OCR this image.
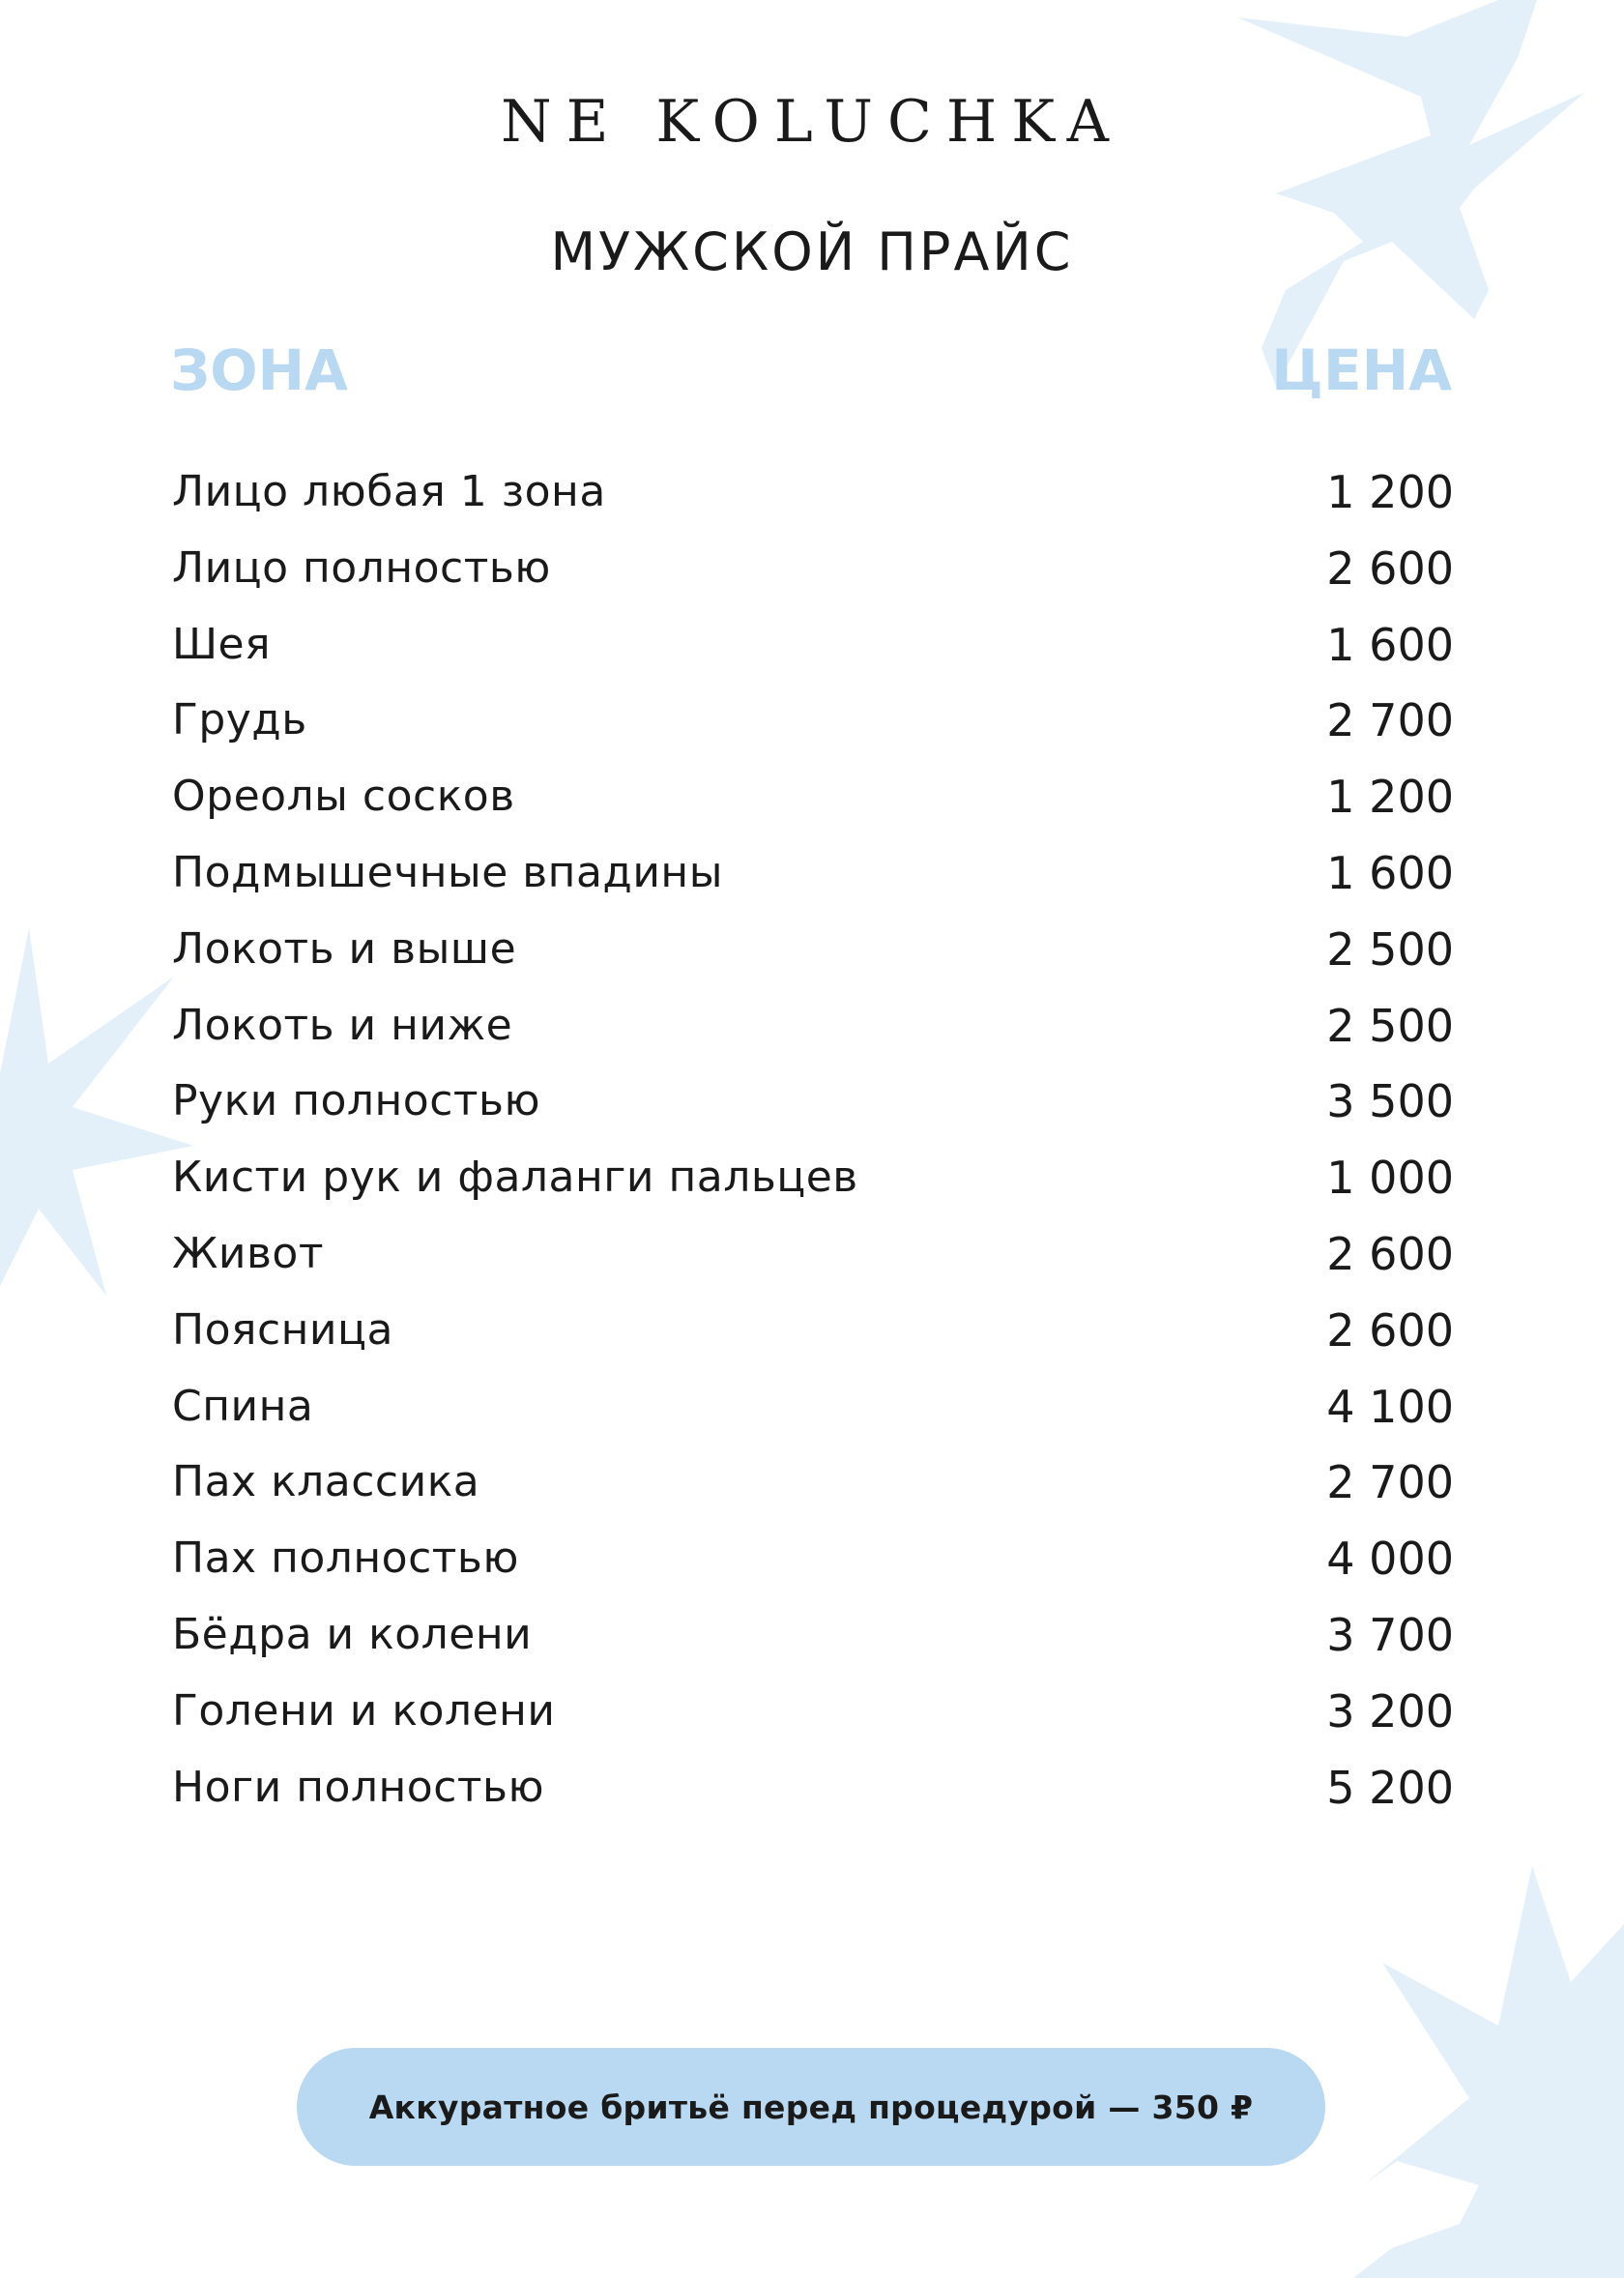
NE KOLUCHKA
МУЖСКОЙ ПРАЙС
ЗОНА	ЦЕНА
Лицо любая 1 зона	1 200
Лицо полностью	2 600
Шея	1 600
Грудь	2 700
Ореолы сосков	1 200
Подмышечные впадины	1 600
Локоть и выше	2 500
Локоть и ниже	2 500
Руки полностью	3 500
Кисти рук и фаланги пальцев	1 000
Живот	2 600
Поясница	2 600
Спина	4 100
Пах классика	2 700
Пах полностью	4 000
Бёдра и колени	3 700
Голени и колени	3 200
Ноги полностью	5 200
Аккуратное бритьё перед процедурой — 350 ₽
